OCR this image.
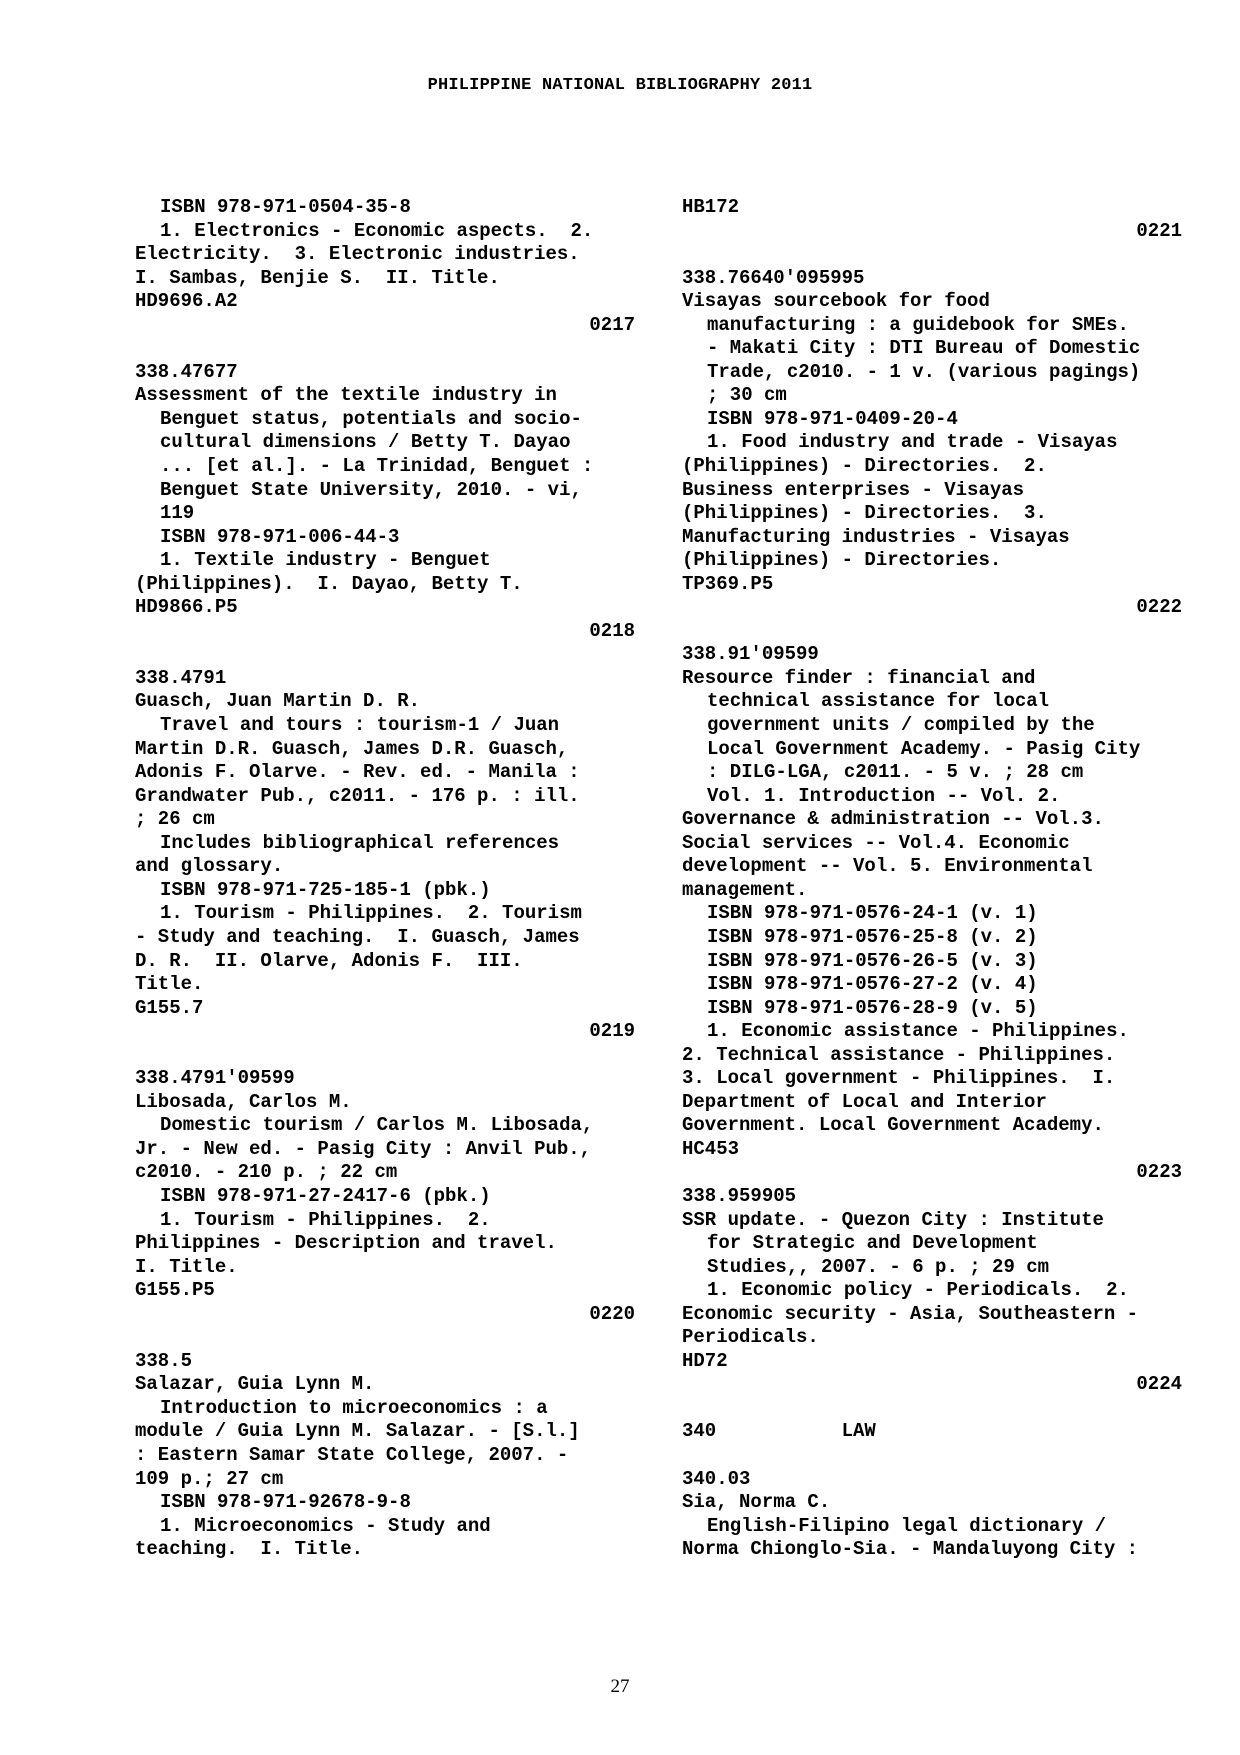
PHILIPPINE NATIONAL BIBLIOGRAPHY 2011
ISBN 978-971-0504-35-8
1. Electronics - Economic aspects.  2.
Electricity.  3. Electronic industries.
I. Sambas, Benjie S.  II. Title.
HD9696.A2
0217
338.47677
Assessment of the textile industry in
Benguet status, potentials and socio-
cultural dimensions / Betty T. Dayao
... [et al.]. - La Trinidad, Benguet :
Benguet State University, 2010. - vi,
119
ISBN 978-971-006-44-3
1. Textile industry - Benguet
(Philippines).  I. Dayao, Betty T.
HD9866.P5
0218
338.4791
Guasch, Juan Martin D. R.
Travel and tours : tourism-1 / Juan
Martin D.R. Guasch, James D.R. Guasch,
Adonis F. Olarve. - Rev. ed. - Manila :
Grandwater Pub., c2011. - 176 p. : ill.
; 26 cm
Includes bibliographical references
and glossary.
ISBN 978-971-725-185-1 (pbk.)
1. Tourism - Philippines.  2. Tourism
- Study and teaching.  I. Guasch, James
D. R.  II. Olarve, Adonis F.  III.
Title.
G155.7
0219
338.4791'09599
Libosada, Carlos M.
Domestic tourism / Carlos M. Libosada,
Jr. - New ed. - Pasig City : Anvil Pub.,
c2010. - 210 p. ; 22 cm
ISBN 978-971-27-2417-6 (pbk.)
1. Tourism - Philippines.  2.
Philippines - Description and travel.
I. Title.
G155.P5
0220
338.5
Salazar, Guia Lynn M.
Introduction to microeconomics : a
module / Guia Lynn M. Salazar. - [S.l.]
: Eastern Samar State College, 2007. -
109 p.; 27 cm
ISBN 978-971-92678-9-8
1. Microeconomics - Study and
teaching.  I. Title.
HB172
0221
338.76640'095995
Visayas sourcebook for food
manufacturing : a guidebook for SMEs.
- Makati City : DTI Bureau of Domestic
Trade, c2010. - 1 v. (various pagings)
; 30 cm
ISBN 978-971-0409-20-4
1. Food industry and trade - Visayas
(Philippines) - Directories.  2.
Business enterprises - Visayas
(Philippines) - Directories.  3.
Manufacturing industries - Visayas
(Philippines) - Directories.
TP369.P5
0222
338.91'09599
Resource finder : financial and
technical assistance for local
government units / compiled by the
Local Government Academy. - Pasig City
: DILG-LGA, c2011. - 5 v. ; 28 cm
Vol. 1. Introduction -- Vol. 2.
Governance & administration -- Vol.3.
Social services -- Vol.4. Economic
development -- Vol. 5. Environmental
management.
ISBN 978-971-0576-24-1 (v. 1)
ISBN 978-971-0576-25-8 (v. 2)
ISBN 978-971-0576-26-5 (v. 3)
ISBN 978-971-0576-27-2 (v. 4)
ISBN 978-971-0576-28-9 (v. 5)
1. Economic assistance - Philippines.
2. Technical assistance - Philippines.
3. Local government - Philippines.  I.
Department of Local and Interior
Government. Local Government Academy.
HC453
0223
338.959905
SSR update. - Quezon City : Institute
for Strategic and Development
Studies,, 2007. - 6 p. ; 29 cm
1. Economic policy - Periodicals.  2.
Economic security - Asia, Southeastern -
Periodicals.
HD72
0224
340           LAW
340.03
Sia, Norma C.
English-Filipino legal dictionary /
Norma Chionglo-Sia. - Mandaluyong City :
27
